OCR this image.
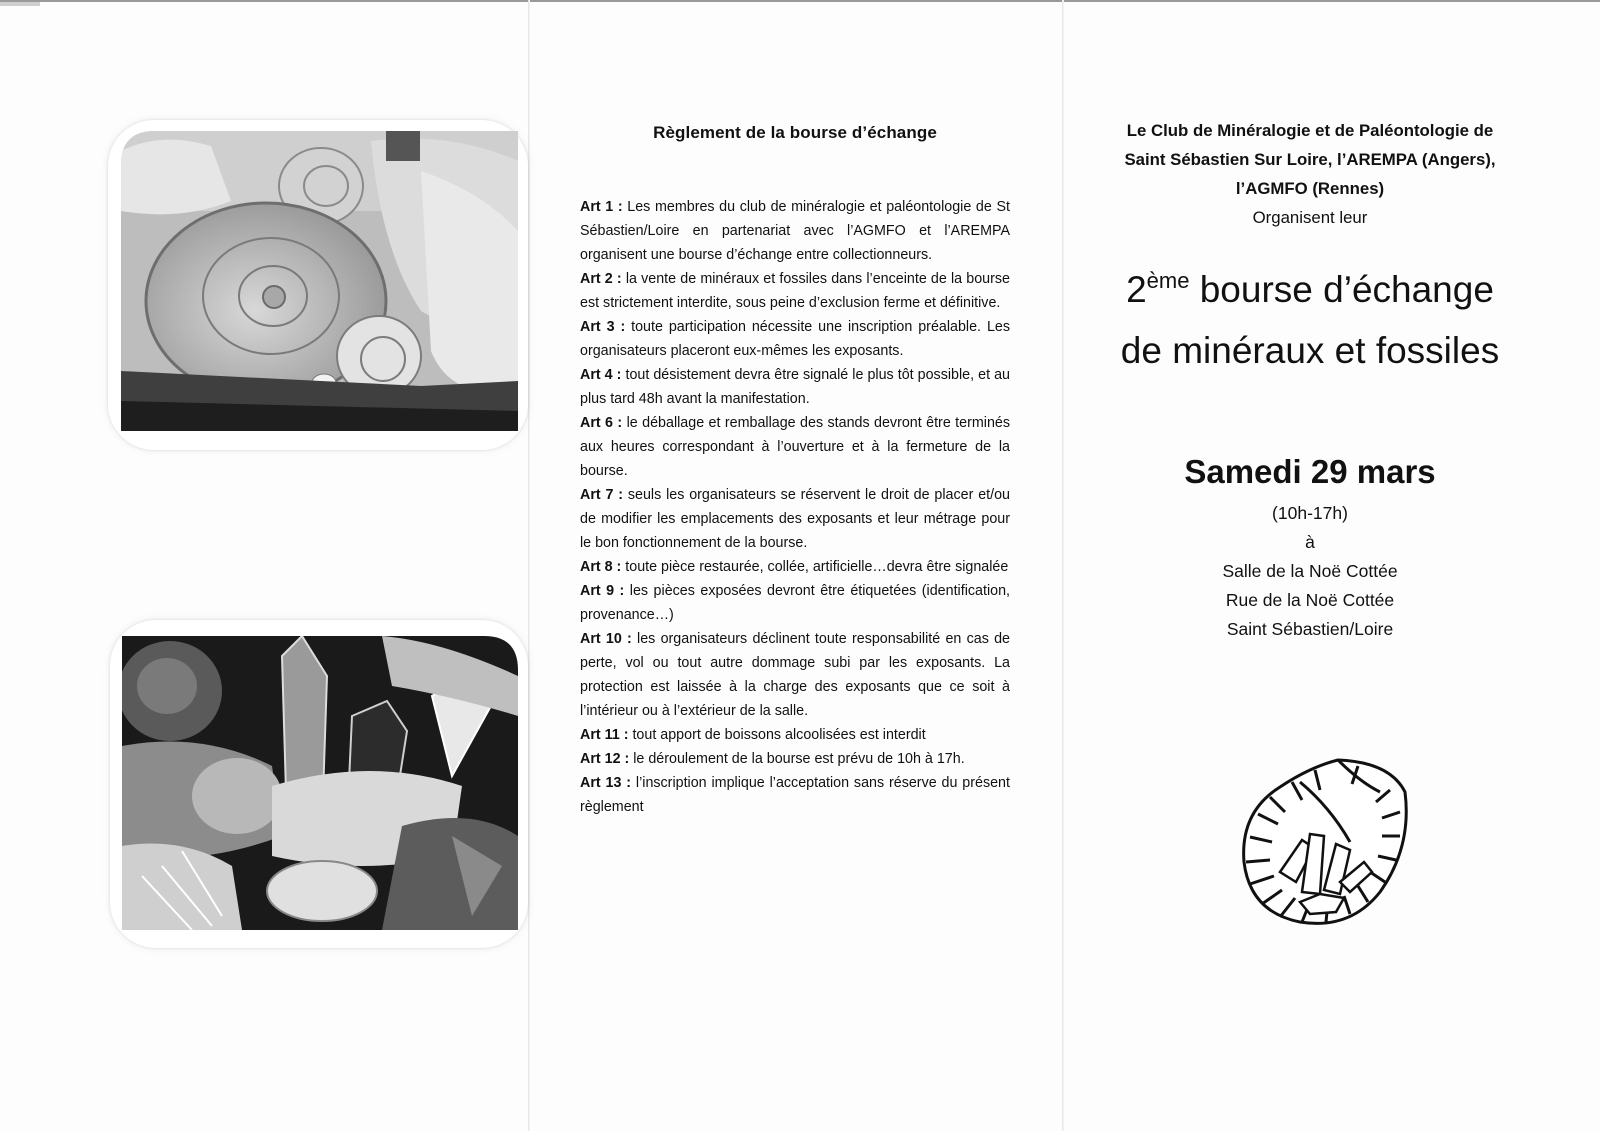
Règlement de la bourse d’échange

Art 1 : Les membres du club de minéralogie et paléontologie de St Sébastien/Loire en partenariat avec l’AGMFO et l’AREMPA organisent une bourse d’échange entre collectionneurs.

Art 2 : la vente de minéraux et fossiles dans l’enceinte de la bourse est strictement interdite, sous peine d’exclusion ferme et définitive.

Art 3 : toute participation nécessite une inscription préalable. Les organisateurs placeront eux-mêmes les exposants.

Art 4 : tout désistement devra être signalé le plus tôt possible, et au plus tard 48h avant la manifestation.

Art 6 : le déballage et remballage des stands devront être terminés aux heures correspondant à l’ouverture et à la fermeture de la bourse.

Art 7 : seuls les organisateurs se réservent le droit de placer et/ou de modifier les emplacements des exposants et leur métrage pour le bon fonctionnement de la bourse.

Art 8 : toute pièce restaurée, collée, artificielle…devra être signalée

Art 9 : les pièces exposées devront être étiquetées (identification, provenance…)

Art 10 : les organisateurs déclinent toute responsabilité en cas de perte, vol ou tout autre dommage subi par les exposants. La protection est laissée à la charge des exposants que ce soit à l’intérieur ou à l’extérieur de la salle.

Art 11 : tout apport de boissons alcoolisées est interdit

Art 12 : le déroulement de la bourse est prévu de 10h à 17h.

Art 13 : l’inscription implique l’acceptation sans réserve du présent règlement

Le Club de Minéralogie et de Paléontologie de

Saint Sébastien Sur Loire, l’AREMPA (Angers),

l’AGMFO (Rennes)

Organisent leur

2ème bourse d’échange
de minéraux et fossiles
Samedi 29 mars
(10h-17h)
à
Salle de la Noë Cottée
Rue de la Noë Cottée
Saint Sébastien/Loire
